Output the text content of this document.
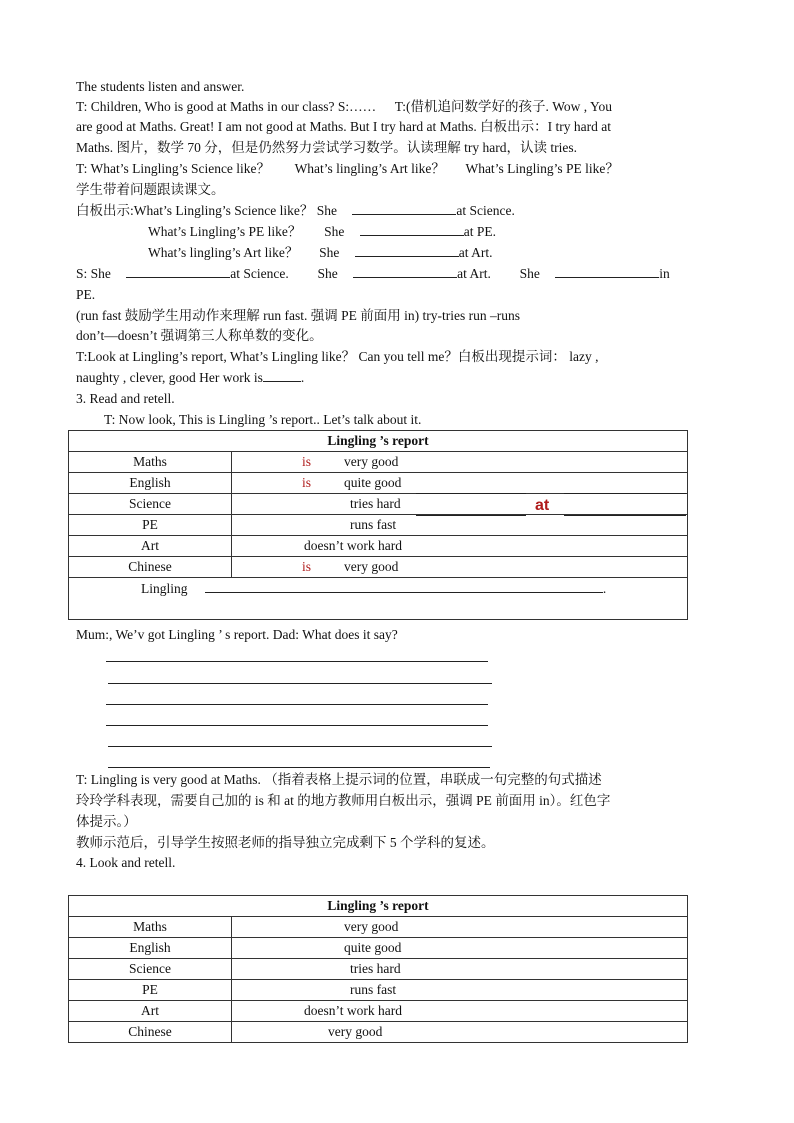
The students listen and answer.
T: Children, Who is good at Maths in our class? S:…… T:(借机追问数学好的孩子. Wow , You
are good at Maths. Great! I am not good at Maths. But I try hard at Maths. 白板出示：I try hard at
Maths. 图片，数学 70 分，但是仍然努力尝试学习数学。认读理解 try hard，认读 tries.
T: What’s Lingling’s Science like？ What’s lingling’s Art like？ What’s Lingling’s PE like？
学生带着问题跟读课文。
白板出示:What’s Lingling’s Science like？ She	at Science.
What’s Lingling’s PE like？ She	at PE.
What’s lingling’s Art like？ She	at Art.
S: She	at Science. She	at Art. She	in
PE.
(run fast 鼓励学生用动作来理解 run fast. 强调 PE 前面用 in) try-tries run –runs
don’t—doesn’t 强调第三人称单数的变化。
T:Look at Lingling’s report, What’s Lingling like？ Can you tell me？白板出现提示词： lazy ,
naughty , clever, good Her work is	.
3. Read and retell.
T: Now look, This is Lingling ’s report.. Let’s talk about it.
Lingling ’s report	
Maths	is very good
English	is quite good
Science	tries hard
PE	runs fast
Art	doesn’t work hard
Chinese	is very good
Lingling .	
at
Mum:, We’v got Lingling ’ s report. Dad: What does it say?
T: Lingling is very good at Maths. （指着表格上提示词的位置，串联成一句完整的句式描述
玲玲学科表现，需要自己加的 is 和 at 的地方教师用白板出示，强调 PE 前面用 in）。红色字
体提示。）
教师示范后，引导学生按照老师的指导独立完成剩下 5 个学科的复述。
4. Look and retell.
Lingling ’s report	
Maths	very good
English	quite good
Science	tries hard
PE	runs fast
Art	doesn’t work hard
Chinese	very good
